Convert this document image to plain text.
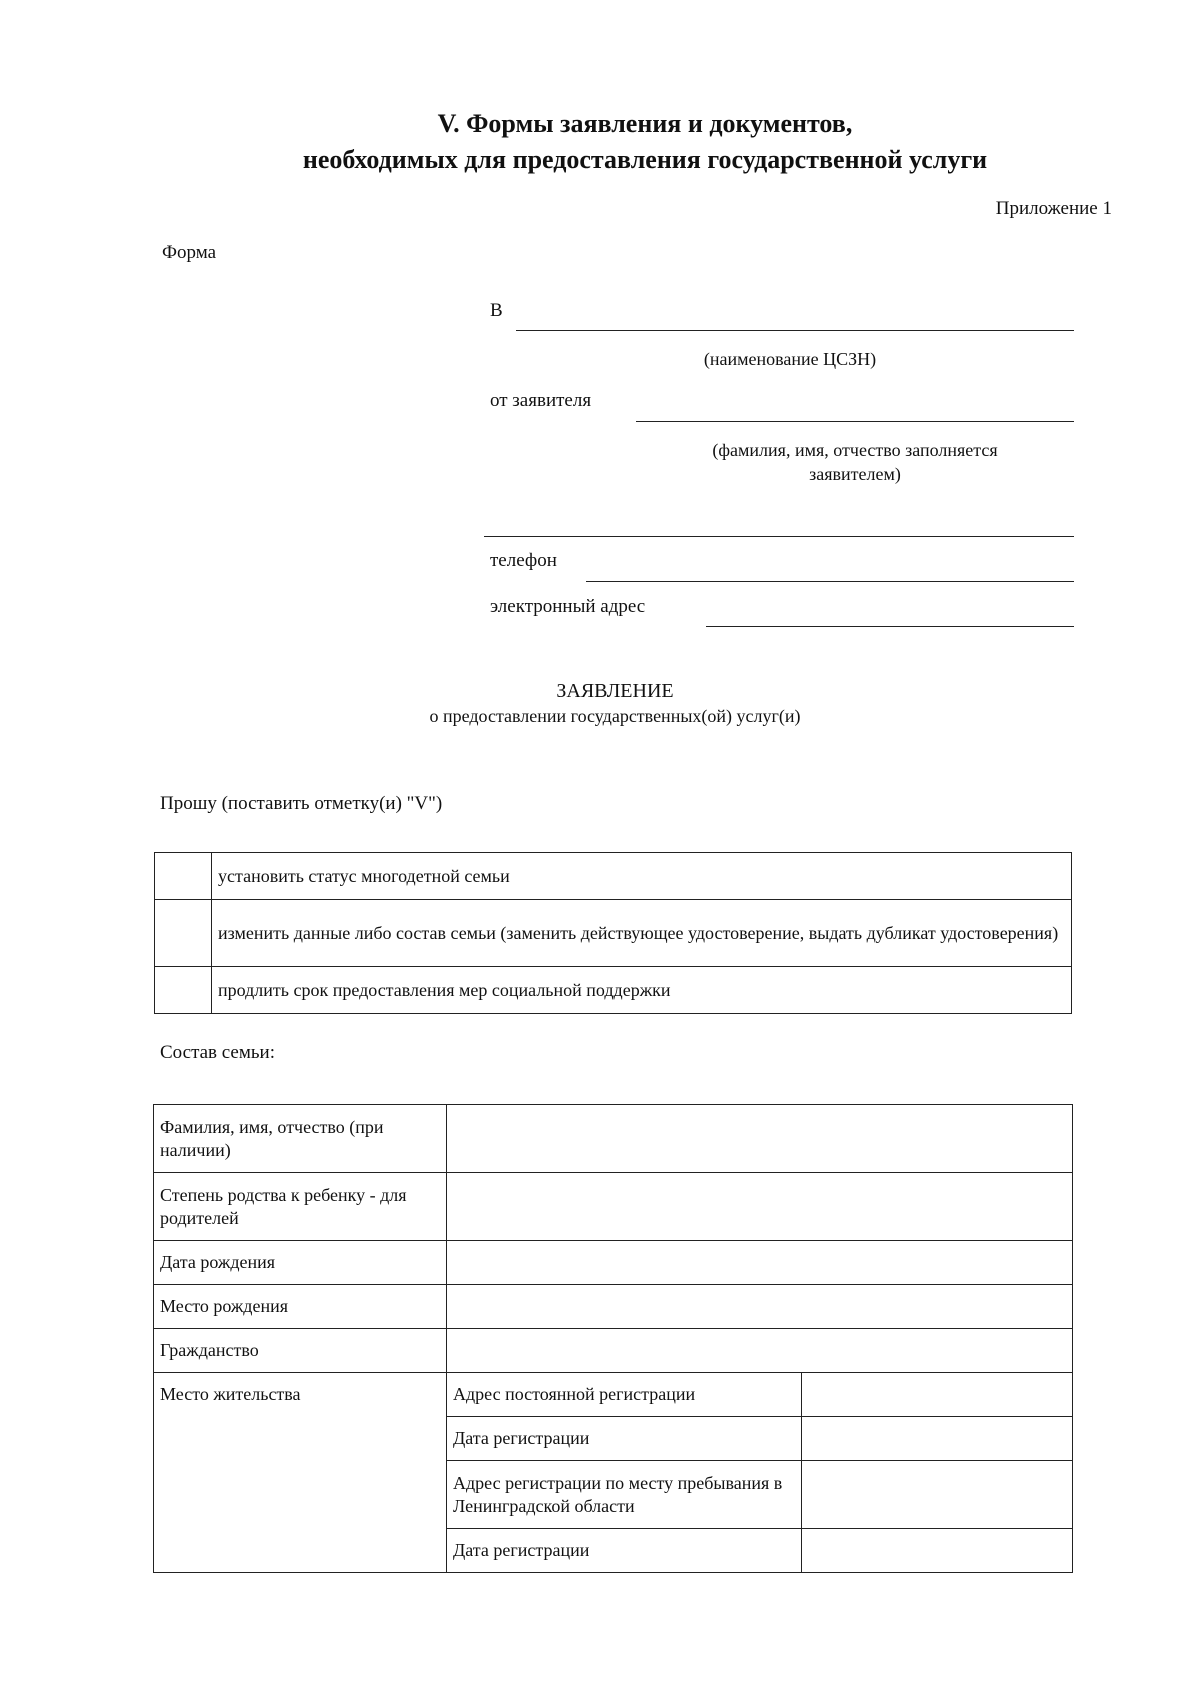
V. Формы заявления и документов,
необходимых для предоставления государственной услуги
Приложение 1
Форма
В
(наименование ЦСЗН)
от заявителя
(фамилия, имя, отчество заполняется
заявителем)
телефон
электронный адрес
ЗАЯВЛЕНИЕ
о предоставлении государственных(ой) услуг(и)
Прошу (поставить отметку(и) "V")
	установить статус многодетной семьи
	изменить данные либо состав семьи (заменить действующее удостоверение, выдать дубликат удостоверения)
	продлить срок предоставления мер социальной поддержки
Состав семьи:
Фамилия, имя, отчество (при наличии)		
Степень родства к ребенку - для родителей		
Дата рождения		
Место рождения		
Гражданство		
Место жительства	Адрес постоянной регистрации	
	Дата регистрации	
	Адрес регистрации по месту пребывания в Ленинградской области	
	Дата регистрации	
